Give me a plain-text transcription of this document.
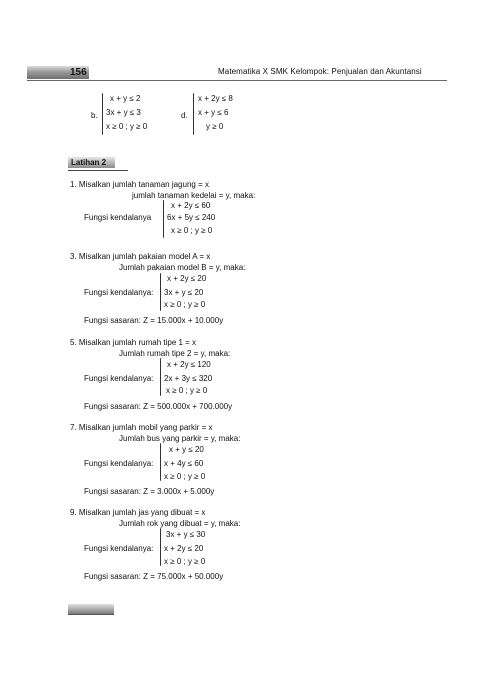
156	Matematika X SMK Kelompok: Penjualan dan Akuntansi
b.
x + y ≤ 2
3x + y ≤ 3
x ≥ 0 ; y ≥ 0
d.
x + 2y ≤ 8
x + y ≤ 6
y ≥ 0
Latihan 2
1. Misalkan jumlah tanaman jagung = x
jumlah tanaman kedelai = y, maka:
Fungsi kendalanya
x + 2y ≤ 60
6x + 5y ≤ 240
x ≥ 0 ; y ≥ 0
3. Misalkan jumlah pakaian model A = x
Jumlah pakaian model B = y, maka:
Fungsi kendalanya:
x + 2y ≤ 20
3x + y ≤ 20
x ≥ 0 ; y ≥ 0
Fungsi sasaran: Z = 15.000x + 10.000y
5. Misalkan jumlah rumah tipe 1 = x
Jumlah rumah tipe 2 = y, maka:
Fungsi kendalanya:
x + 2y ≤ 120
2x + 3y ≤ 320
x ≥ 0 ; y ≥ 0
Fungsi sasaran: Z = 500.000x + 700.000y
7. Misalkan jumlah mobil yang parkir = x
Jumlah bus yang parkir = y, maka:
Fungsi kendalanya:
x + y ≤ 20
x + 4y ≤ 60
x ≥ 0 ; y ≥ 0
Fungsi sasaran: Z = 3.000x + 5.000y
9. Misalkan jumlah jas yang dibuat = x
Jumlah rok yang dibuat = y, maka:
Fungsi kendalanya:
3x + y ≤ 30
x + 2y ≤ 20
x ≥ 0 ; y ≥ 0
Fungsi sasaran: Z = 75.000x + 50.000y
